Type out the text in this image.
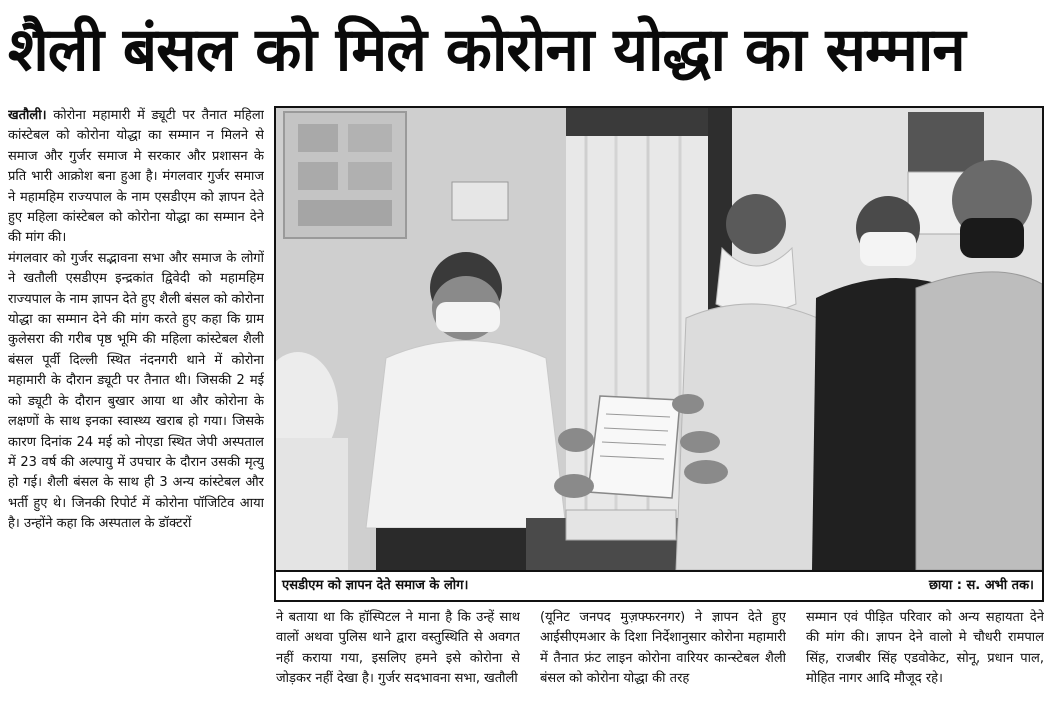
शैली बंसल को मिले कोरोना योद्धा का सम्मान

खतौली। कोरोना महामारी में ड्यूटी पर तैनात महिला कांस्टेबल को कोरोना योद्धा का सम्मान न मिलने से समाज और गुर्जर समाज मे सरकार और प्रशासन के प्रति भारी आक्रोश बना हुआ है। मंगलवार गुर्जर समाज ने महामहिम राज्यपाल के नाम एसडीएम को ज्ञापन देते हुए महिला कांस्टेबल को कोरोना योद्धा का सम्मान देने की मांग की।

मंगलवार को गुर्जर सद्भावना सभा और समाज के लोगों ने खतौली एसडीएम इन्द्रकांत द्विवेदी को महामहिम राज्यपाल के नाम ज्ञापन देते हुए शैली बंसल को कोरोना योद्धा का सम्मान देने की मांग करते हुए कहा कि ग्राम कुलेसरा की गरीब पृष्ठ भूमि की महिला कांस्टेबल शैली बंसल पूर्वी दिल्ली स्थित नंदनगरी थाने में कोरोना महामारी के दौरान ड्यूटी पर तैनात थी। जिसकी 2 मई को ड्यूटी के दौरान बुखार आया था और कोरोना के लक्षणों के साथ इनका स्वास्थ्य खराब हो गया। जिसके कारण दिनांक 24 मई को नोएडा स्थित जेपी अस्पताल में 23 वर्ष की अल्पायु में उपचार के दौरान उसकी मृत्यु हो गई। शैली बंसल के साथ ही 3 अन्य कांस्टेबल और भर्ती हुए थे। जिनकी रिपोर्ट में कोरोना पॉजिटिव आया है। उन्होंने कहा कि अस्पताल के डॉक्टरों

एसडीएम को ज्ञापन देते समाज के लोग।	छाया : स. अभी तक।
ने बताया था कि हॉस्पिटल ने माना है कि उन्हें साथ वालों अथवा पुलिस थाने द्वारा वस्तुस्थिति से अवगत नहीं कराया गया, इसलिए हमने इसे कोरोना से जोड़कर नहीं देखा है। गुर्जर सदभावना सभा, खतौली
(यूनिट जनपद मुज़फ्फरनगर) ने ज्ञापन देते हुए आईसीएमआर के दिशा निर्देशानुसार कोरोना महामारी में तैनात फ्रंट लाइन कोरोना वारियर कान्स्टेबल शैली बंसल को कोरोना योद्धा की तरह
सम्मान एवं पीड़ित परिवार को अन्य सहायता देने की मांग की। ज्ञापन देने वालो मे चौधरी रामपाल सिंह, राजबीर सिंह एडवोकेट, सोनू, प्रधान पाल, मोहित नागर आदि मौजूद रहे।
